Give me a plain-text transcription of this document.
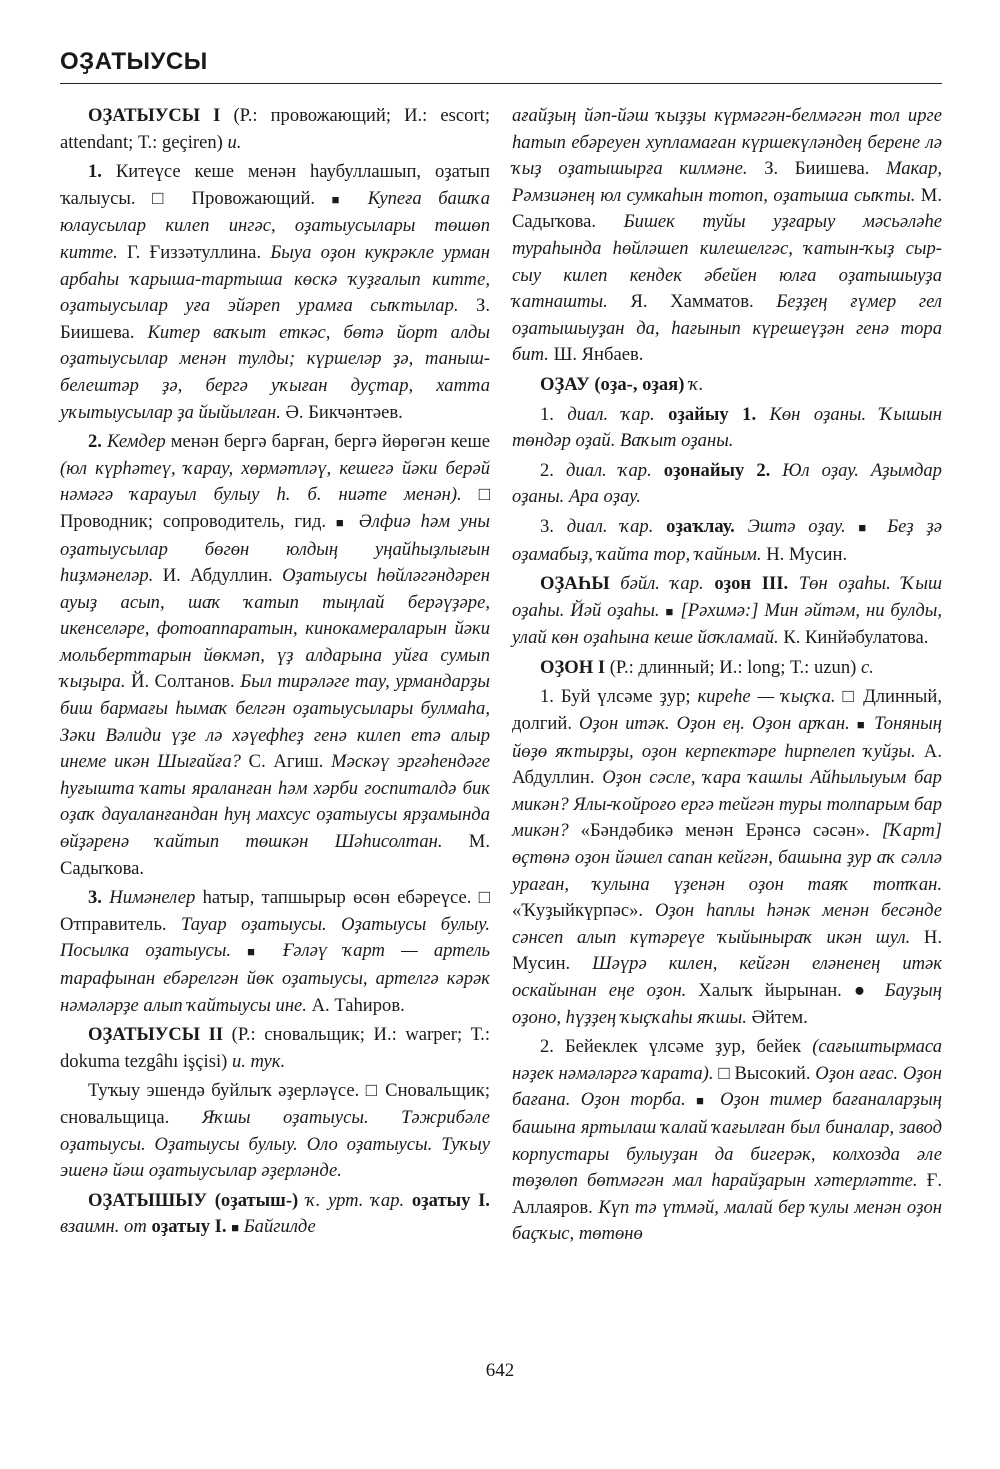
ОҘАТЫУСЫ

ОҘАТЫУСЫ I (Р.: провожающий; И.: escort; attendant; Т.: geçiren) и.

1. Китеүсе кеше менән һаубуллашып, оҙатып ҡалыусы. □ Провожающий. ■ Купеға башҡа юлаусылар килеп ингәс, оҙатыусылары төшөп китте. Г. Ғиззәтуллина. Быуа оҙон кукрәкле урман арбаһы ҡарыша-тартыша көскә ҡуҙғалып китте, оҙатыусылар уға эйәреп урамға сыҡтылар. З. Биишева. Китер ваҡыт еткәс, бөтә йорт алды оҙатыусылар менән тулды; күршеләр ҙә, таныш-белештәр ҙә, бергә уҡыған дуҫтар, хатта уҡытыусылар ҙа йыйылған. Ә. Бикчәнтәев.

2. Кемдер менән бергә барған, бергә йөрөгән кеше (юл күрһәтеү, ҡарау, хөрмәтләү, кешегә йәки берәй нәмәгә ҡарауыл булыу һ. б. ниәте менән). □ Проводник; сопроводитель, гид. ■ Әлфиә һәм уны оҙатыусылар бөгөн юлдың уңайһыҙлығын һиҙмәнеләр. И. Абдуллин. Оҙатыусы һөйләгәндәрен ауыҙ асып, шаҡ ҡатып тыңлай берәүҙәре, икенселәре, фотоаппаратын, кинокамераларын йәки мольберттарын йөкмәп, үҙ алдарына уйға сумып ҡыҙыра. Й. Солтанов. Был тирәләге тау, урмандарҙы биш бармағы һымаҡ белгән оҙатыусылары булмаһа, Зәки Вәлиди үҙе лә хәүефһеҙ генә килеп етә алыр инеме икән Шығайға? С. Агиш. Мәскәү эргәһендәге һуғышта ҡаты яраланған һәм хәрби госпиталдә бик оҙаҡ дауаланғандан һуң махсус оҙатыусы ярҙамында өйҙәренә ҡайтып төшкән Шәһисолтан. М. Садыҡова.

3. Нимәнелер һатыр, тапшырыр өсөн ебәреүсе. □ Отправитель. Тауар оҙатыусы. Оҙатыусы булыу. Посылка оҙатыусы. ■ Ғәләү ҡарт — артель тарафынан ебәрелгән йөк оҙатыусы, артелгә кәрәк нәмәләрҙе алып ҡайтыусы ине. А. Таһиров.

ОҘАТЫУСЫ II (Р.: сновальщик; И.: warper; Т.: dokuma tezgâhı işçisi) и. тук.

Туҡыу эшендә буйлыҡ әҙерләүсе. □ Сновальщик; сновальщица. Яҡшы оҙатыусы. Тәжрибәле оҙатыусы. Оҙатыусы булыу. Оло оҙатыусы. Туҡыу эшенә йәш оҙатыусылар әҙерләнде.

ОҘАТЫШЫУ (оҙатыш-) ҡ. урт. ҡар. оҙатыу I. взаимн. от оҙатыу I. ■ Байгилде

ағайҙың йәп-йәш ҡыҙҙы күрмәгән-белмәгән тол ирге һатып ебәреуен хупламаған күршекүләндең берене лә ҡыҙ оҙатышырға килмәне. З. Биишева. Макар, Рәмзиәнең юл сумкаһын тотоп, оҙатыша сыҡты. М. Садыҡова. Бишек туйы уҙғарыу мәсьәләһе тураһында һөйләшеп килешелгәс, ҡатын-ҡыҙ сыр-сыу килеп кендек әбейен юлға оҙатышыуҙа ҡатнашты. Я. Хамматов. Беҙҙең ғүмер гел оҙатышыуҙан да, һағынып күрешеүҙән генә тора бит. Ш. Янбаев.

ОҘАУ (оҙа-, оҙая) ҡ.

1. диал. ҡар. оҙайыу 1. Көн оҙаны. Ҡышын төндәр оҙай. Ваҡыт оҙаны.

2. диал. ҡар. оҙонайыу 2. Юл оҙау. Аҙымдар оҙаны. Ара оҙау.

3. диал. ҡар. оҙаҡлау. Эштә оҙау. ■ Беҙ ҙә оҙамабыҙ, ҡайта тор, ҡайным. Н. Мусин.

ОҘАҺЫ бәйл. ҡар. оҙон III. Төн оҙаһы. Ҡыш оҙаһы. Йәй оҙаһы. ■ [Рәхимә:] Мин әйтәм, ни булды, улай көн оҙаһына кеше йоҡламай. К. Кинйәбулатова.

ОҘОН I (Р.: длинный; И.: long; Т.: uzun) с.

1. Буй үлсәме ҙур; киреһе — ҡыҫҡа. □ Длинный, долгий. Оҙон итәк. Оҙон ең. Оҙон арҡан. ■ Тоняның йөҙө яҡтырҙы, оҙон керпектәре һирпелеп ҡуйҙы. А. Абдуллин. Оҙон сәсле, ҡара ҡашлы Айһылыуым бар микән? Ялы-ҡойроғо ергә тейгән туры толпарым бар микән? «Бәндәбикә менән Ерәнсә сәсән». [Ҡарт] өҫтөнә оҙон йәшел сапан кейгән, башына ҙур аҡ сәллә ураған, ҡулына үҙенән оҙон таяҡ тотҡан. «Ҡуҙыйкүрпәс». Оҙон һаплы һәнәк менән бесәнде сәнсеп алып күтәреүе ҡыйыныраҡ икән шул. Н. Мусин. Шәүрә килен, кейгән еләненең итәк оскайынан еңе оҙон. Халыҡ йырынан. ● Бауҙың оҙоно, һүҙҙең ҡыҫҡаһы яҡшы. Әйтем.

2. Бейеклек үлсәме ҙур, бейек (сағыштырмаса нәҙек нәмәләргә ҡарата). □ Высокий. Оҙон ағас. Оҙон бағана. Оҙон торба. ■ Оҙон тимер бағаналарҙың башына яртылаш ҡалай ҡағылған был биналар, завод корпустары булыуҙан да бигерәк, колхозда әле төҙөлөп бөтмәгән мал һарайҙарын хәтерләтте. Ғ. Аллаяров. Күп тә үтмәй, малай бер ҡулы менән оҙон баҫҡыс, төтөнө

642
